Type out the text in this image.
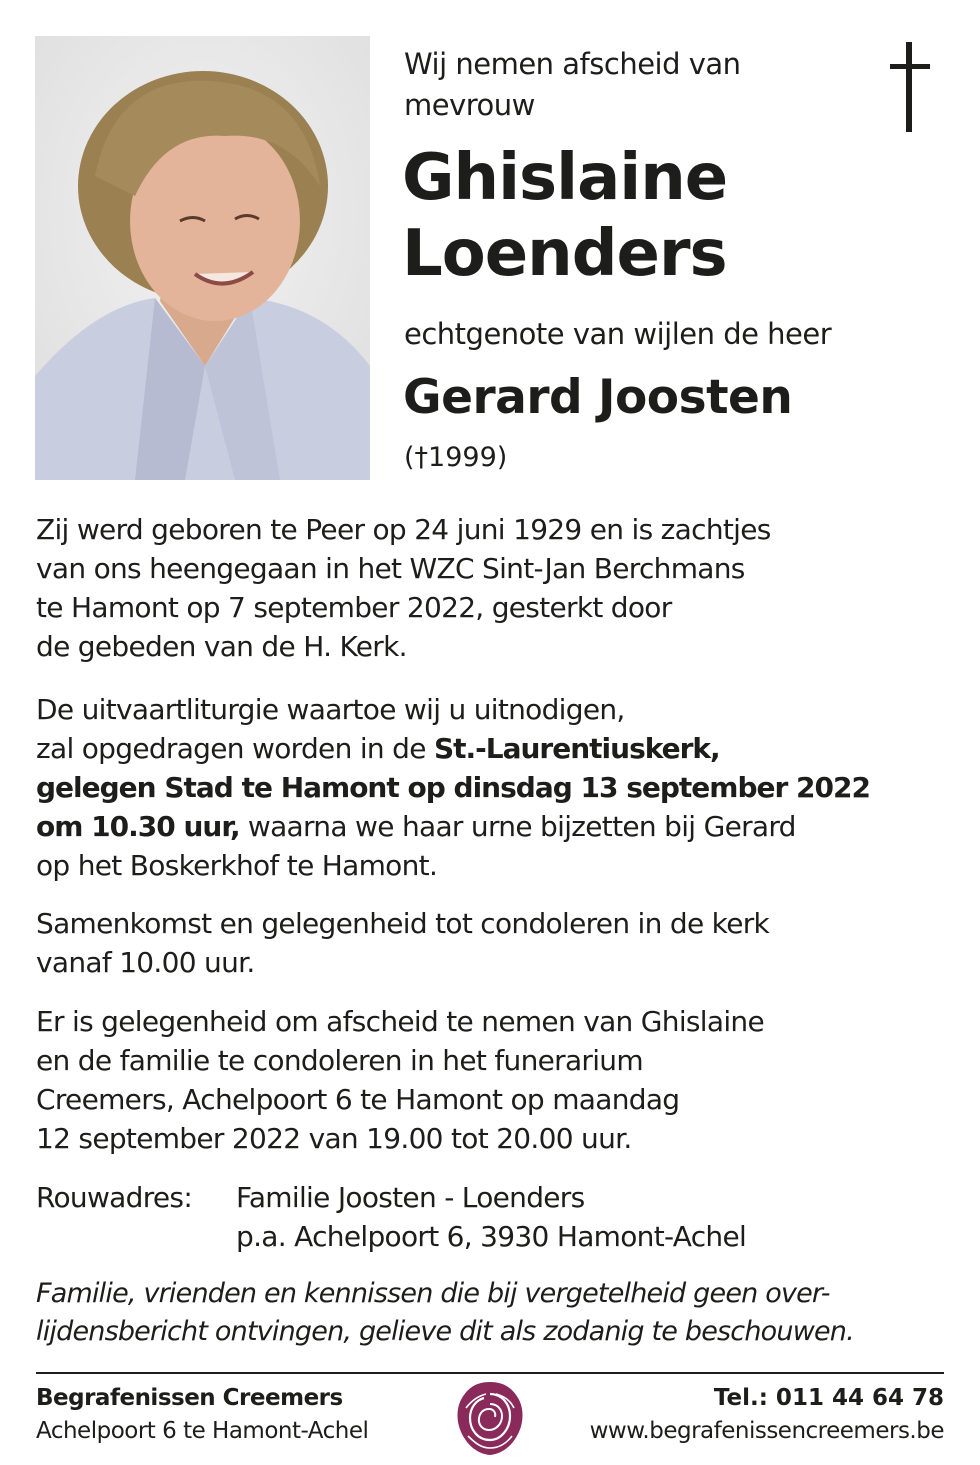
Wij nemen afscheid van
mevrouw
Ghislaine
Loenders
echtgenote van wijlen de heer
Gerard Joosten
(†1999)
Zij werd geboren te Peer op 24 juni 1929 en is zachtjes
van ons heengegaan in het WZC Sint-Jan Berchmans
te Hamont op 7 september 2022, gesterkt door
de gebeden van de H. Kerk.
De uitvaartliturgie waartoe wij u uitnodigen,
zal opgedragen worden in de St.-Laurentiuskerk,
gelegen Stad te Hamont op dinsdag 13 september 2022
om 10.30 uur, waarna we haar urne bijzetten bij Gerard
op het Boskerkhof te Hamont.
Samenkomst en gelegenheid tot condoleren in de kerk
vanaf 10.00 uur.
Er is gelegenheid om afscheid te nemen van Ghislaine
en de familie te condoleren in het funerarium
Creemers, Achelpoort 6 te Hamont op maandag
12 september 2022 van 19.00 tot 20.00 uur.
Rouwadres:	Familie Joosten - Loenders
p.a. Achelpoort 6, 3930 Hamont-Achel
Familie, vrienden en kennissen die bij vergetelheid geen over-
lijdensbericht ontvingen, gelieve dit als zodanig te beschouwen.
Begrafenissen Creemers
Achelpoort 6 te Hamont-Achel
Tel.: 011 44 64 78
www.begrafenissencreemers.be
